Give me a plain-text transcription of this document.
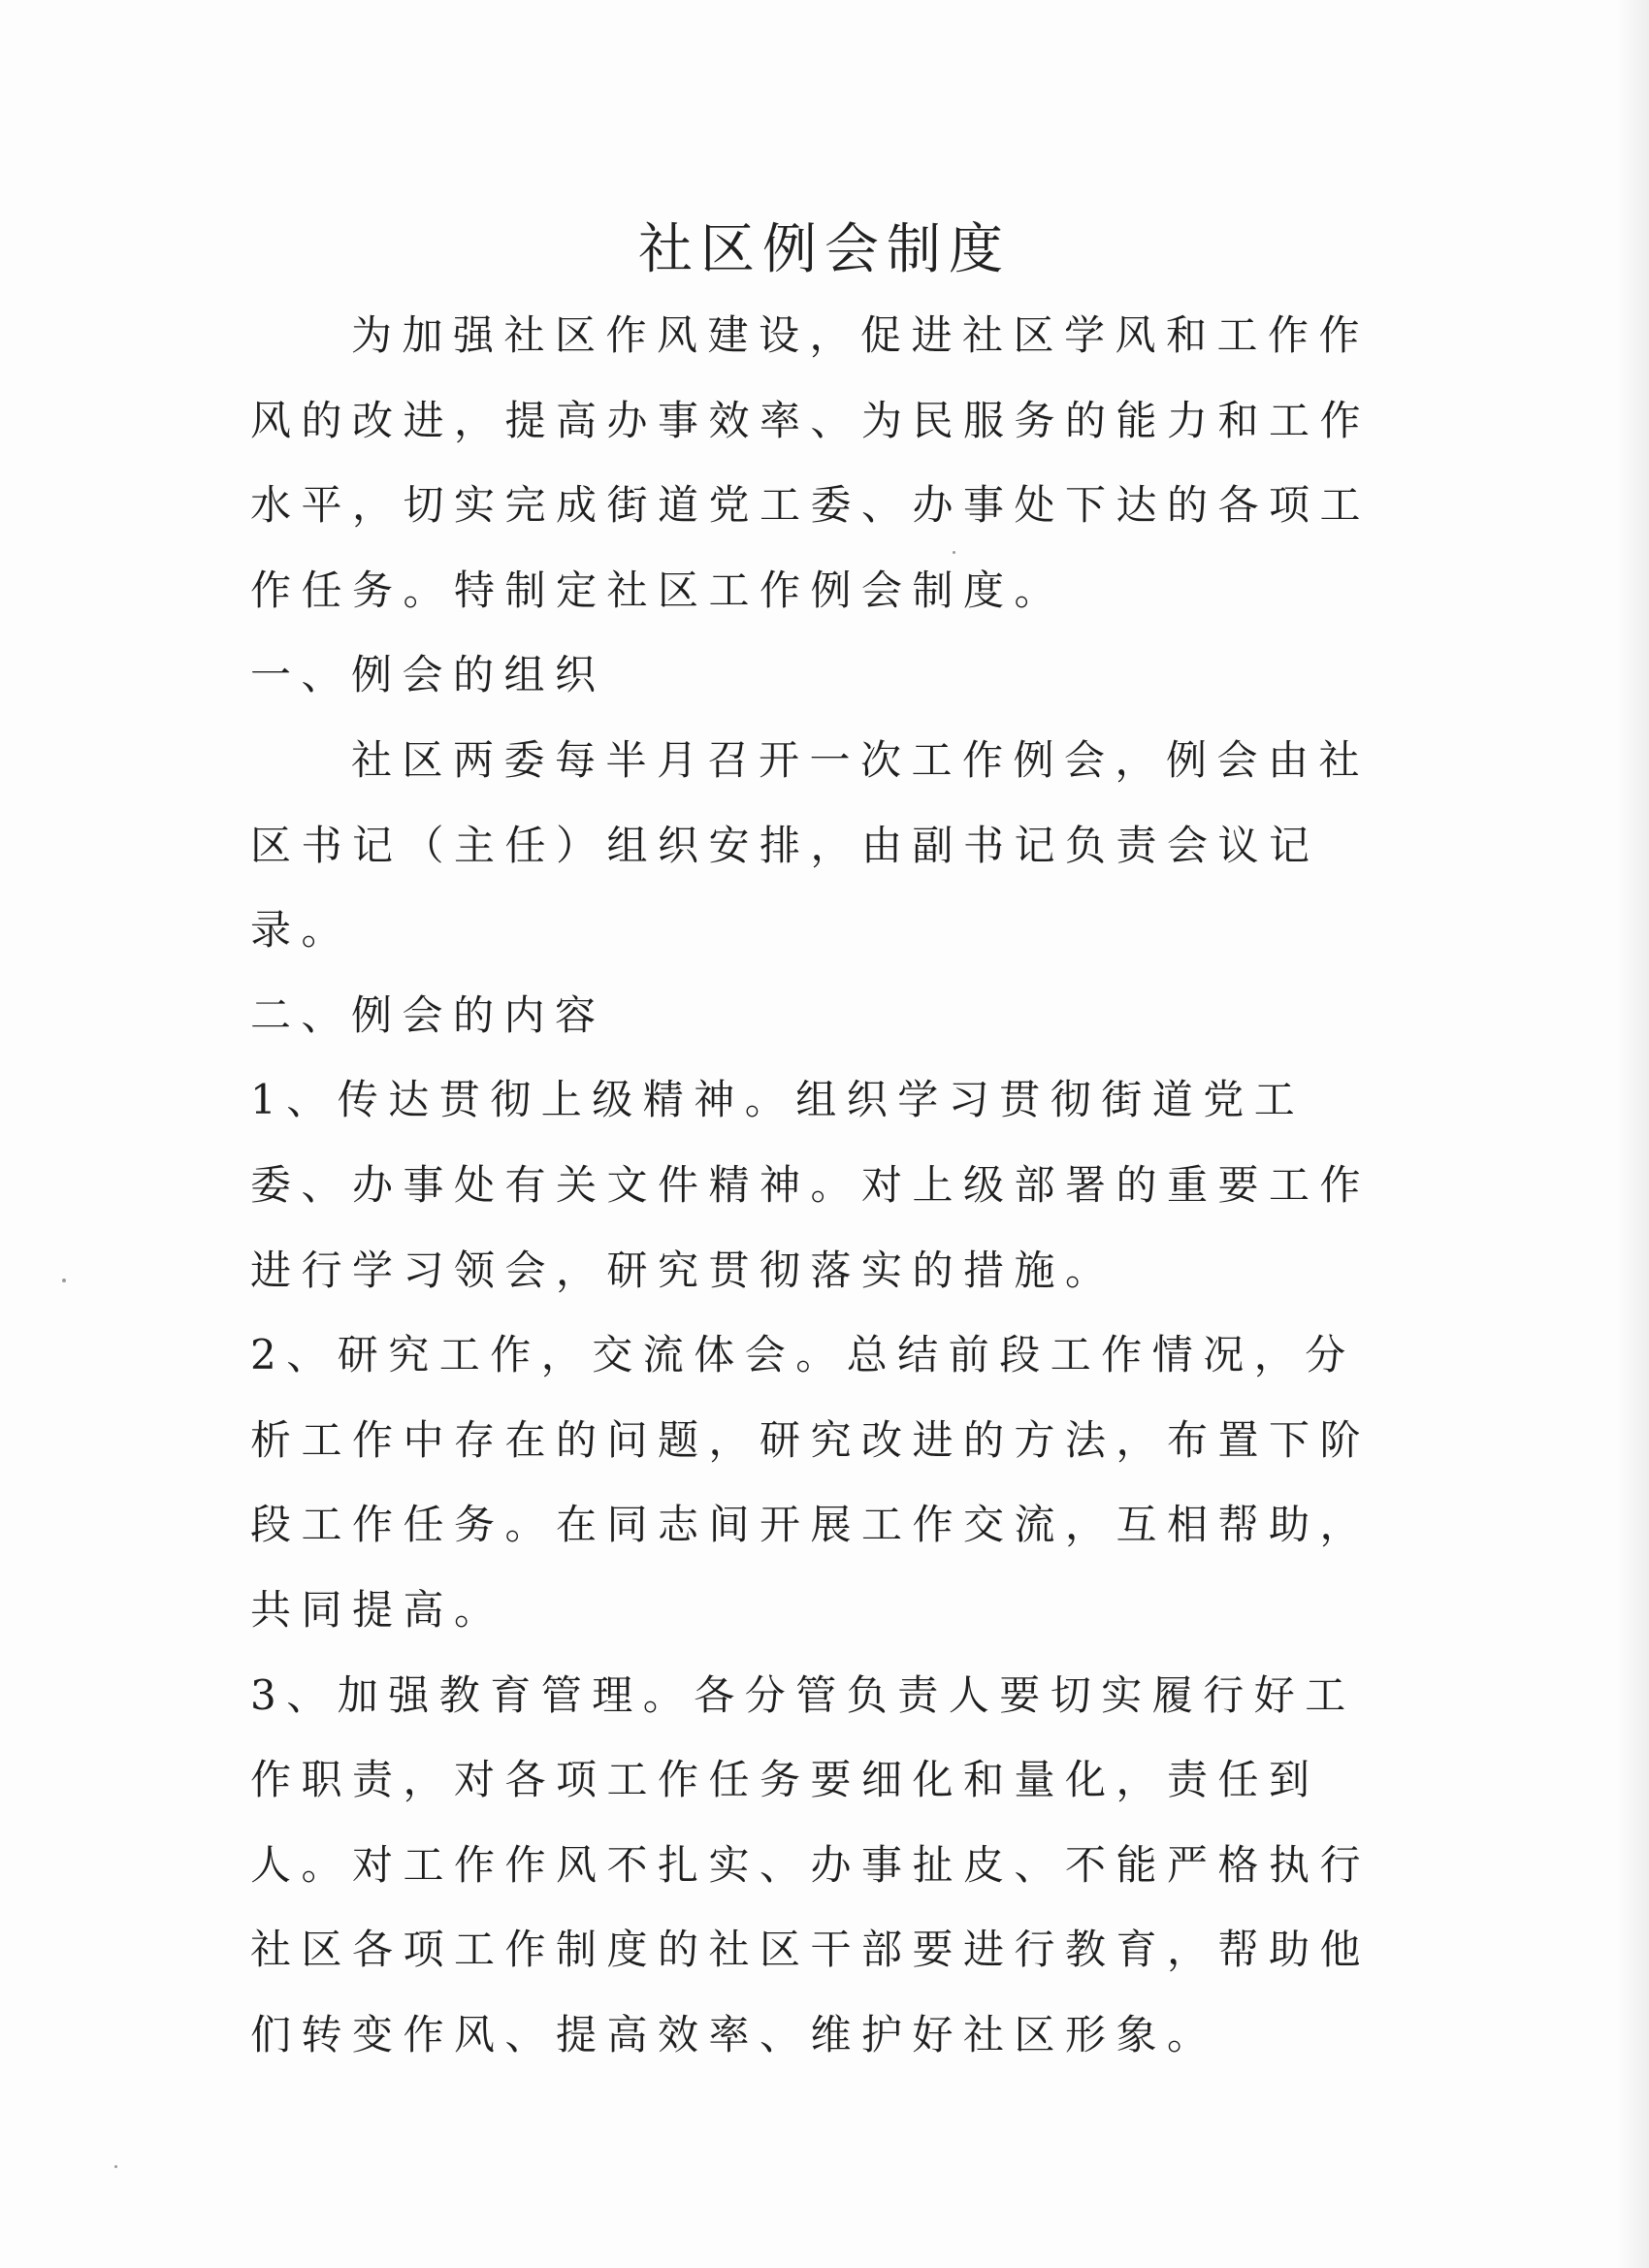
社区例会制度

为加强社区作风建设，促进社区学风和工作作风的改进，提高办事效率、为民服务的能力和工作水平，切实完成街道党工委、办事处下达的各项工作任务。特制定社区工作例会制度。

一、例会的组织

社区两委每半月召开一次工作例会，例会由社区书记（主任）组织安排，由副书记负责会议记录。

二、例会的内容

1、传达贯彻上级精神。组织学习贯彻街道党工委、办事处有关文件精神。对上级部署的重要工作进行学习领会，研究贯彻落实的措施。

2、研究工作，交流体会。总结前段工作情况，分析工作中存在的问题，研究改进的方法，布置下阶段工作任务。在同志间开展工作交流，互相帮助，共同提高。

3、加强教育管理。各分管负责人要切实履行好工作职责，对各项工作任务要细化和量化，责任到人。对工作作风不扎实、办事扯皮、不能严格执行社区各项工作制度的社区干部要进行教育，帮助他们转变作风、提高效率、维护好社区形象。
